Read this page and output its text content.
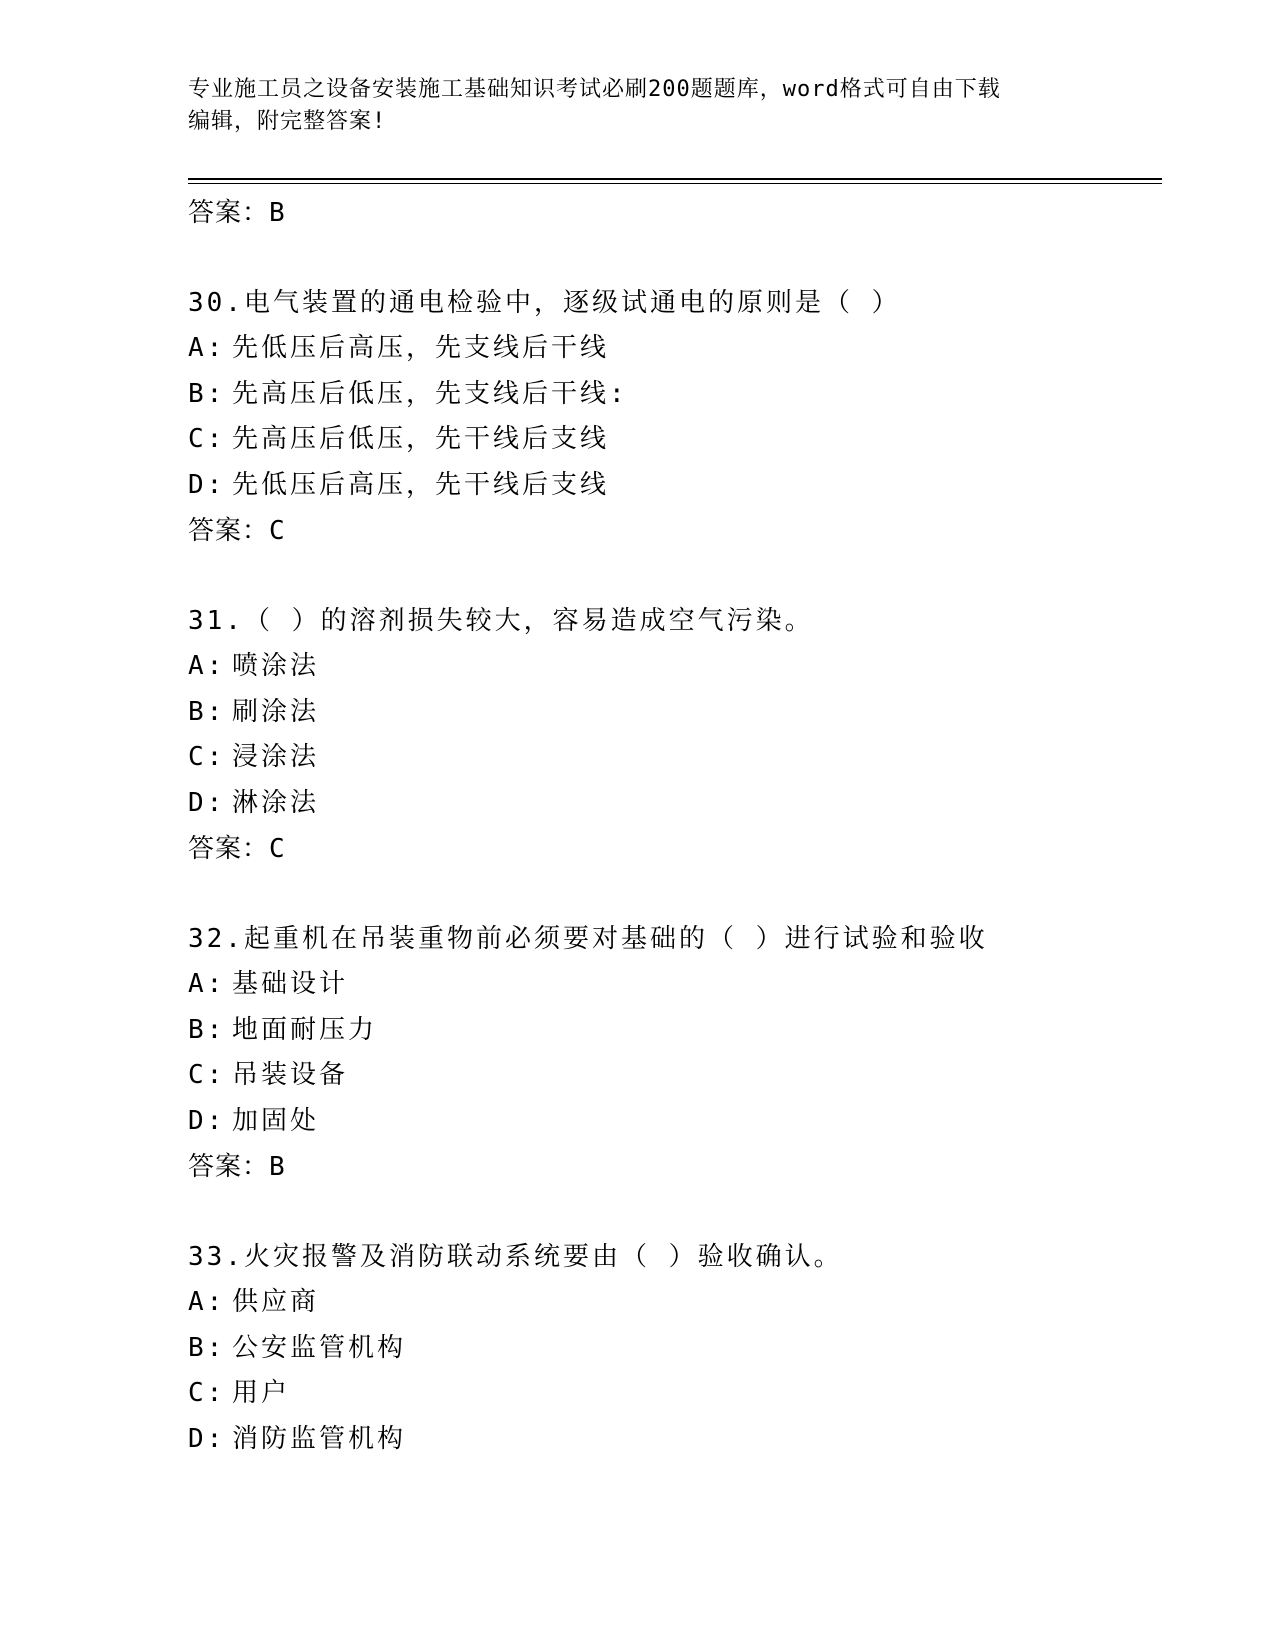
专业施工员之设备安装施工基础知识考试必刷200题题库，word格式可自由下载
编辑，附完整答案!
答案：B
30.电气装置的通电检验中，逐级试通电的原则是（ ）
A: 先低压后高压，先支线后干线
B: 先高压后低压，先支线后干线:
C: 先高压后低压，先干线后支线
D: 先低压后高压，先干线后支线
答案：C
31.（ ）的溶剂损失较大，容易造成空气污染。
A: 喷涂法
B: 刷涂法
C: 浸涂法
D: 淋涂法
答案：C
32.起重机在吊装重物前必须要对基础的（ ）进行试验和验收
A: 基础设计
B: 地面耐压力
C: 吊装设备
D: 加固处
答案：B
33.火灾报警及消防联动系统要由（ ）验收确认。
A: 供应商
B: 公安监管机构
C: 用户
D: 消防监管机构
